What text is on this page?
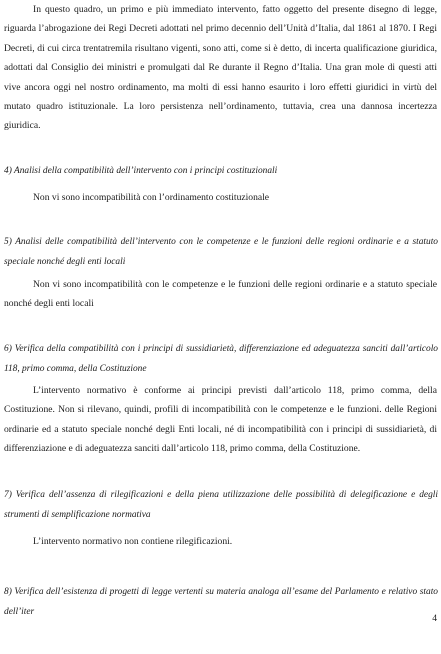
In questo quadro, un primo e più immediato intervento, fatto oggetto del presente disegno di legge, riguarda l’abrogazione dei Regi Decreti adottati nel primo decennio dell’Unità d’Italia, dal 1861 al 1870. I Regi Decreti, di cui circa trentatremila risultano vigenti, sono atti, come si è detto, di incerta qualificazione giuridica, adottati dal Consiglio dei ministri e promulgati dal Re durante il Regno d’Italia. Una gran mole di questi atti vive ancora oggi nel nostro ordinamento, ma molti di essi hanno esaurito i loro effetti giuridici in virtù del mutato quadro istituzionale. La loro persistenza nell’ordinamento, tuttavia, crea una dannosa incertezza giuridica.

4) Analisi della compatibilità dell’intervento con i principi costituzionali

Non vi sono incompatibilità con l’ordinamento costituzionale

5) Analisi delle compatibilità dell’intervento con le competenze e le funzioni delle regioni ordinarie e a statuto speciale nonché degli enti locali

Non vi sono incompatibilità con le competenze e le funzioni delle regioni ordinarie e a statuto speciale nonché degli enti locali

6) Verifica della compatibilità con i principi di sussidiarietà, differenziazione ed adeguatezza sanciti dall’articolo 118, primo comma, della Costituzione

L’intervento normativo è conforme ai principi previsti dall’articolo 118, primo comma, della Costituzione. Non si rilevano, quindi, profili di incompatibilità con le competenze e le funzioni. delle Regioni ordinarie ed a statuto speciale nonché degli Enti locali, né di incompatibilità con i principi di sussidiarietà, di differenziazione e di adeguatezza sanciti dall’articolo 118, primo comma, della Costituzione.

7) Verifica dell’assenza di rilegificazioni e della piena utilizzazione delle possibilità di delegificazione e degli strumenti di semplificazione normativa

L’intervento normativo non contiene rilegificazioni.

8) Verifica dell’esistenza di progetti di legge vertenti su materia analoga all’esame del Parlamento e relativo stato dell’iter

4
